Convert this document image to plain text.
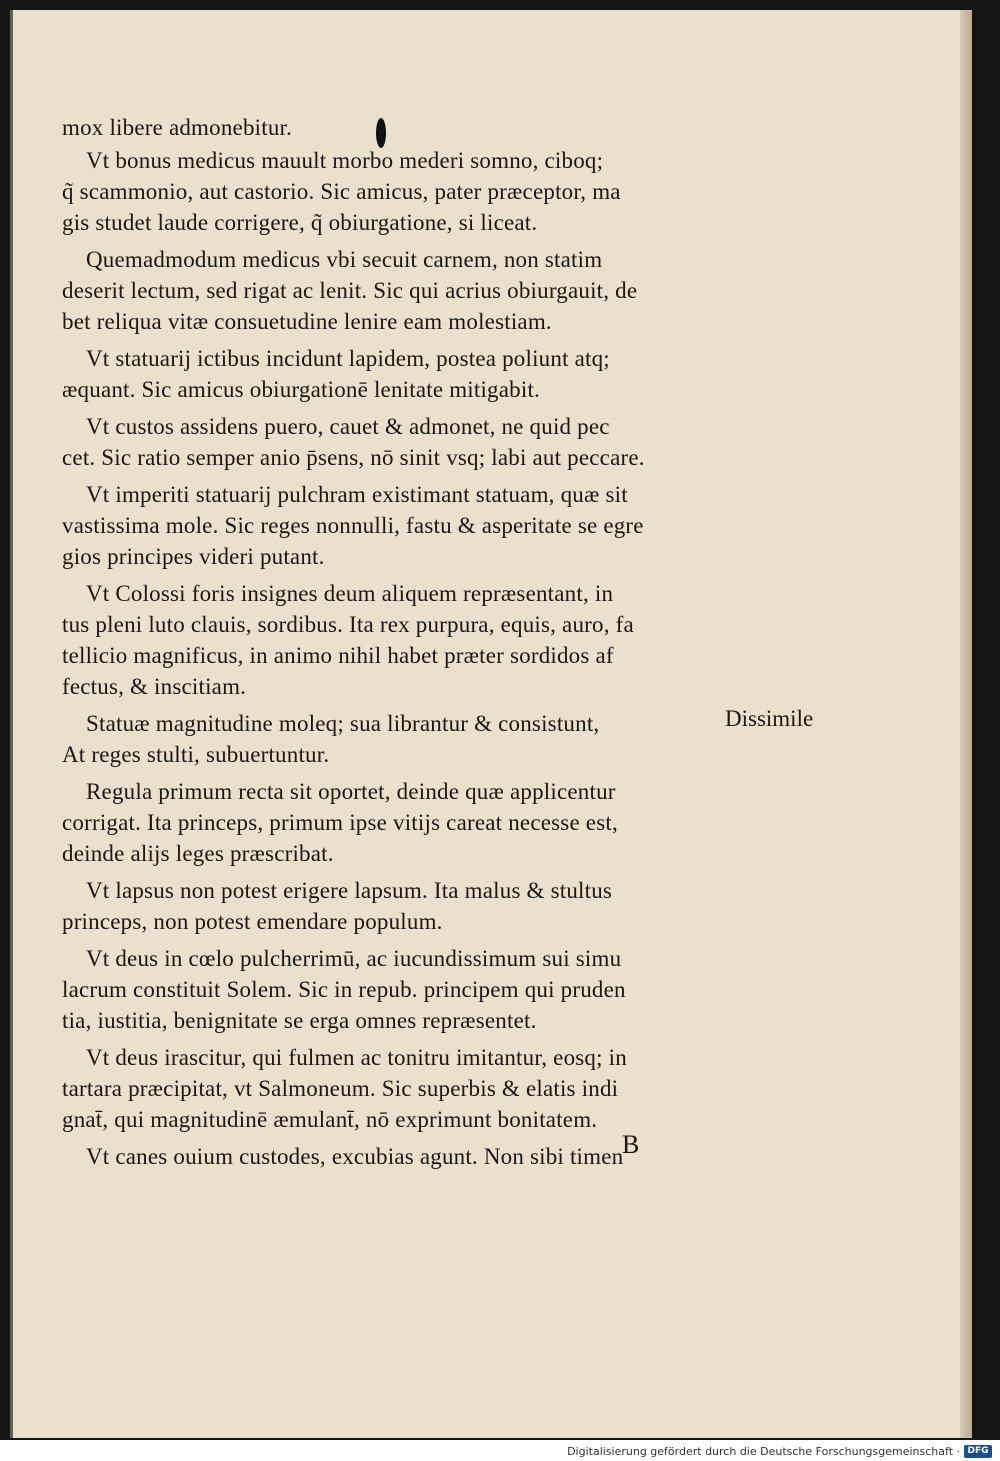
mox libere admonebitur.
Vt bonus medicus mauult morbo mederi somno, ciboq;
q̃ scammonio, aut castorio. Sic amicus, pater præceptor, ma
gis studet laude corrigere, q̃ obiurgatione, si liceat.
Quemadmodum medicus vbi secuit carnem, non statim
deserit lectum, sed rigat ac lenit. Sic qui acrius obiurgauit, de
bet reliqua vitæ consuetudine lenire eam molestiam.
Vt statuarij ictibus incidunt lapidem, postea poliunt atq;
æquant. Sic amicus obiurgationē lenitate mitigabit.
Vt custos assidens puero, cauet & admonet, ne quid pec
cet. Sic ratio semper anio p̄sens, nō sinit vsq; labi aut peccare.
Vt imperiti statuarij pulchram existimant statuam, quæ sit
vastissima mole. Sic reges nonnulli, fastu & asperitate se egre
gios principes videri putant.
Vt Colossi foris insignes deum aliquem repræsentant, in
tus pleni luto clauis, sordibus. Ita rex purpura, equis, auro, fa
tellicio magnificus, in animo nihil habet præter sordidos af
fectus, & inscitiam.
Statuæ magnitudine moleq; sua librantur & consistunt,
At reges stulti, subuertuntur.
Regula primum recta sit oportet, deinde quæ applicentur
corrigat. Ita princeps, primum ipse vitijs careat necesse est,
deinde alijs leges præscribat.
Vt lapsus non potest erigere lapsum. Ita malus & stultus
princeps, non potest emendare populum.
Vt deus in cœlo pulcherrimū, ac iucundissimum sui simu
lacrum constituit Solem. Sic in repub. principem qui pruden
tia, iustitia, benignitate se erga omnes repræsentet.
Vt deus irascitur, qui fulmen ac tonitru imitantur, eosq; in
tartara præcipitat, vt Salmoneum. Sic superbis & elatis indi
gnat̄, qui magnitudinē æmulant̄, nō exprimunt bonitatem.
Vt canes ouium custodes, excubias agunt. Non sibi timen
Dissimile
B
Digitalisierung gefördert durch die Deutsche Forschungsgemeinschaft · DFG
